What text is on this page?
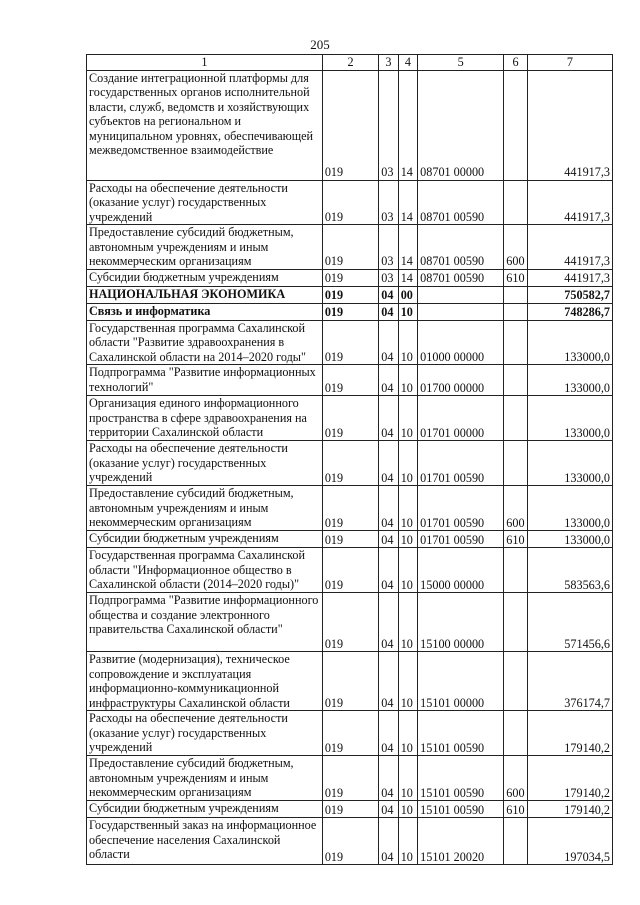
205
1	2	3	4	5	6	7
Создание интеграционной платформы для государственных органов исполнительной власти, служб, ведомств и хозяйствующих субъектов на региональном и муниципальном уровнях, обеспечивающей межведомственное взаимодействие	019	03	14	08701 00000		441917,3
Расходы на обеспечение деятельности (оказание услуг) государственных учреждений	019	03	14	08701 00590		441917,3
Предоставление субсидий бюджетным, автономным учреждениям и иным некоммерческим организациям	019	03	14	08701 00590	600	441917,3
Субсидии бюджетным учреждениям	019	03	14	08701 00590	610	441917,3
НАЦИОНАЛЬНАЯ ЭКОНОМИКА	019	04	00			750582,7
Связь и информатика	019	04	10			748286,7
Государственная программа Сахалинской области "Развитие здравоохранения в Сахалинской области на 2014–2020 годы"	019	04	10	01000 00000		133000,0
Подпрограмма "Развитие информационных технологий"	019	04	10	01700 00000		133000,0
Организация единого информационного пространства в сфере здравоохранения на территории Сахалинской области	019	04	10	01701 00000		133000,0
Расходы на обеспечение деятельности (оказание услуг) государственных учреждений	019	04	10	01701 00590		133000,0
Предоставление субсидий бюджетным, автономным учреждениям и иным некоммерческим организациям	019	04	10	01701 00590	600	133000,0
Субсидии бюджетным учреждениям	019	04	10	01701 00590	610	133000,0
Государственная программа Сахалинской области "Информационное общество в Сахалинской области (2014–2020 годы)"	019	04	10	15000 00000		583563,6
Подпрограмма "Развитие информационного общества и создание электронного правительства Сахалинской области"	019	04	10	15100 00000		571456,6
Развитие (модернизация), техническое сопровождение и эксплуатация информационно-коммуникационной инфраструктуры Сахалинской области	019	04	10	15101 00000		376174,7
Расходы на обеспечение деятельности (оказание услуг) государственных учреждений	019	04	10	15101 00590		179140,2
Предоставление субсидий бюджетным, автономным учреждениям и иным некоммерческим организациям	019	04	10	15101 00590	600	179140,2
Субсидии бюджетным учреждениям	019	04	10	15101 00590	610	179140,2
Государственный заказ на информационное обеспечение населения Сахалинской области	019	04	10	15101 20020		197034,5
